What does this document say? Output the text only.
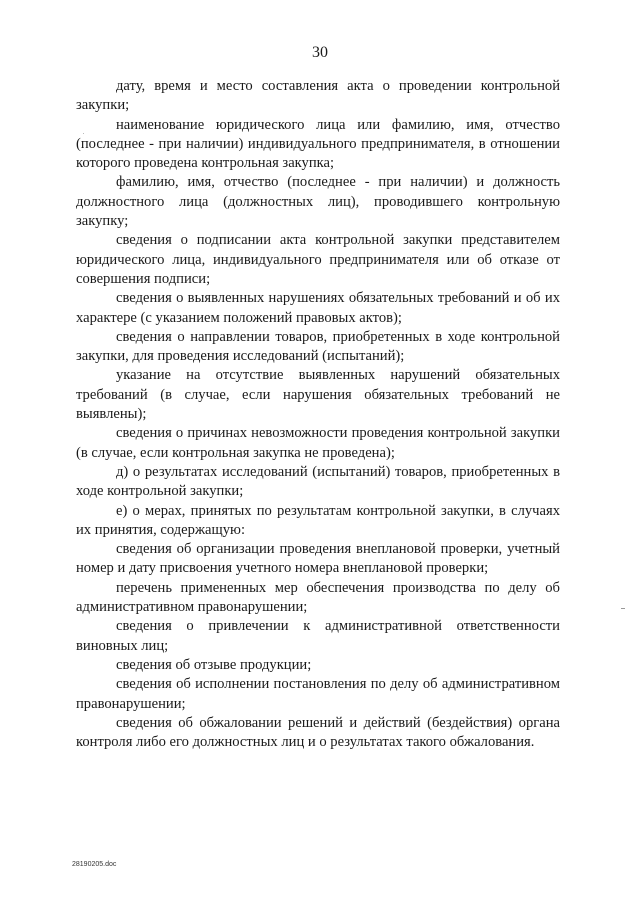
30

дату, время и место составления акта о проведении контрольной закупки;

наименование юридического лица или фамилию, имя, отчество (последнее - при наличии) индивидуального предпринимателя, в отношении которого проведена контрольная закупка;

фамилию, имя, отчество (последнее - при наличии) и должность должностного лица (должностных лиц), проводившего контрольную закупку;

сведения о подписании акта контрольной закупки представителем юридического лица, индивидуального предпринимателя или об отказе от совершения подписи;

сведения о выявленных нарушениях обязательных требований и об их характере (с указанием положений правовых актов);

сведения о направлении товаров, приобретенных в ходе контрольной закупки, для проведения исследований (испытаний);

указание на отсутствие выявленных нарушений обязательных требований (в случае, если нарушения обязательных требований не выявлены);

сведения о причинах невозможности проведения контрольной закупки (в случае, если контрольная закупка не проведена);

д) о результатах исследований (испытаний) товаров, приобретенных в ходе контрольной закупки;

е) о мерах, принятых по результатам контрольной закупки, в случаях их принятия, содержащую:

сведения об организации проведения внеплановой проверки, учетный номер и дату присвоения учетного номера внеплановой проверки;

перечень примененных мер обеспечения производства по делу об административном правонарушении;

сведения о привлечении к административной ответственности виновных лиц;

сведения об отзыве продукции;

сведения об исполнении постановления по делу об административном правонарушении;

сведения об обжаловании решений и действий (бездействия) органа контроля либо его должностных лиц и о результатах такого обжалования.

28190205.doc
